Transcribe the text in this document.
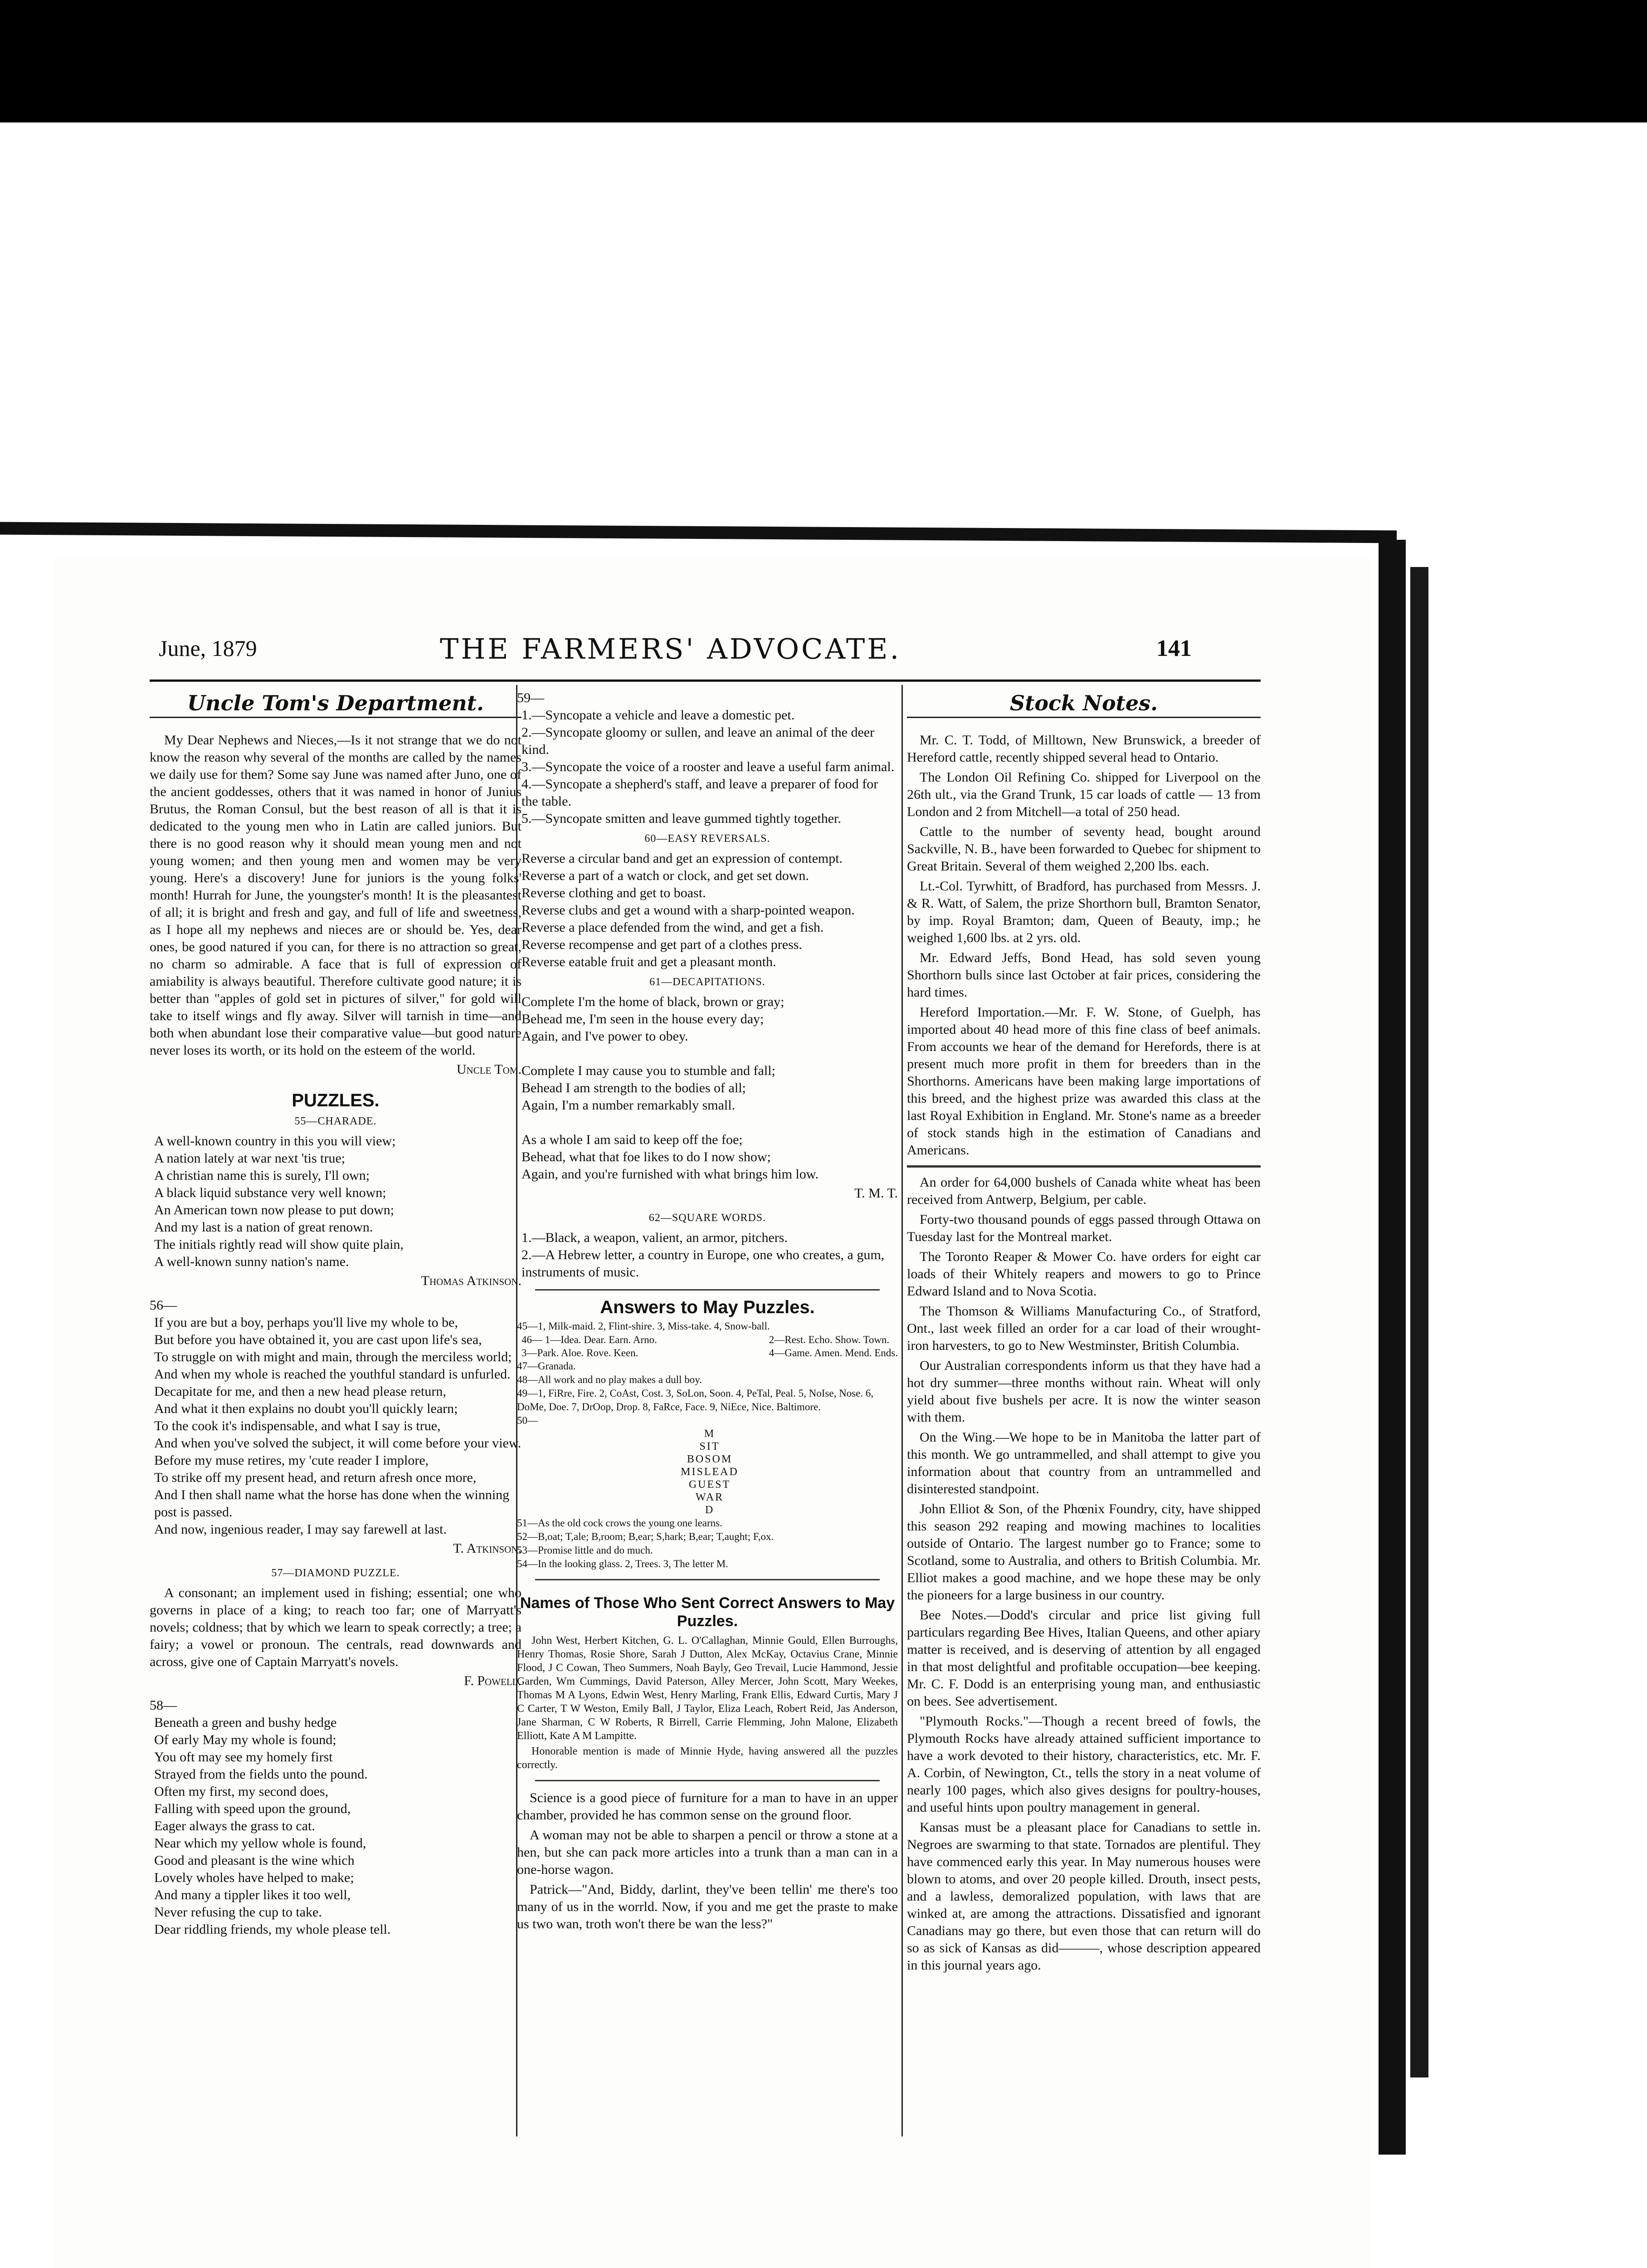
June, 1879	THE FARMERS' ADVOCATE.	141
Uncle Tom's Department.

My Dear Nephews and Nieces,—Is it not strange that we do not know the reason why several of the months are called by the names we daily use for them? Some say June was named after Juno, one of the ancient goddesses, others that it was named in honor of Junius Brutus, the Roman Consul, but the best reason of all is that it is dedicated to the young men who in Latin are called juniors. But there is no good reason why it should mean young men and not young women; and then young men and women may be very young. Here's a discovery! June for juniors is the young folks' month! Hurrah for June, the youngster's month! It is the pleasantest of all; it is bright and fresh and gay, and full of life and sweetness, as I hope all my nephews and nieces are or should be. Yes, dear ones, be good natured if you can, for there is no attraction so great, no charm so admirable. A face that is full of expression of amiability is always beautiful. Therefore cultivate good nature; it is better than "apples of gold set in pictures of silver," for gold will take to itself wings and fly away. Silver will tarnish in time—and both when abundant lose their comparative value—but good nature never loses its worth, or its hold on the esteem of the world.

Uncle Tom.
PUZZLES.
55—CHARADE.
A well-known country in this you will view;
A nation lately at war next 'tis true;
A christian name this is surely, I'll own;
A black liquid substance very well known;
An American town now please to put down;
And my last is a nation of great renown.
The initials rightly read will show quite plain,
A well-known sunny nation's name.
Thomas Atkinson.
56—
If you are but a boy, perhaps you'll live my whole to be,
But before you have obtained it, you are cast upon life's sea,
To struggle on with might and main, through the merciless world;
And when my whole is reached the youthful standard is unfurled.
Decapitate for me, and then a new head please return,
And what it then explains no doubt you'll quickly learn;
To the cook it's indispensable, and what I say is true,
And when you've solved the subject, it will come before your view.
Before my muse retires, my 'cute reader I implore,
To strike off my present head, and return afresh once more,
And I then shall name what the horse has done when the winning post is passed.
And now, ingenious reader, I may say farewell at last.
T. Atkinson.
57—DIAMOND PUZZLE.

A consonant; an implement used in fishing; essential; one who governs in place of a king; to reach too far; one of Marryatt's novels; coldness; that by which we learn to speak correctly; a tree; a fairy; a vowel or pronoun. The centrals, read downwards and across, give one of Captain Marryatt's novels.

F. Powell.
58—
Beneath a green and bushy hedge
Of early May my whole is found;
You oft may see my homely first
Strayed from the fields unto the pound.
Often my first, my second does,
Falling with speed upon the ground,
Eager always the grass to cat.
Near which my yellow whole is found,
Good and pleasant is the wine which
Lovely wholes have helped to make;
And many a tippler likes it too well,
Never refusing the cup to take.
Dear riddling friends, my whole please tell.
59—
1.—Syncopate a vehicle and leave a domestic pet.
2.—Syncopate gloomy or sullen, and leave an animal of the deer kind.
3.—Syncopate the voice of a rooster and leave a useful farm animal.
4.—Syncopate a shepherd's staff, and leave a preparer of food for the table.
5.—Syncopate smitten and leave gummed tightly together.
60—EASY REVERSALS.
Reverse a circular band and get an expression of contempt.
Reverse a part of a watch or clock, and get set down.
Reverse clothing and get to boast.
Reverse clubs and get a wound with a sharp-pointed weapon.
Reverse a place defended from the wind, and get a fish.
Reverse recompense and get part of a clothes press.
Reverse eatable fruit and get a pleasant month.
61—DECAPITATIONS.
Complete I'm the home of black, brown or gray;
Behead me, I'm seen in the house every day;
Again, and I've power to obey.

Complete I may cause you to stumble and fall;
Behead I am strength to the bodies of all;
Again, I'm a number remarkably small.

As a whole I am said to keep off the foe;
Behead, what that foe likes to do I now show;
Again, and you're furnished with what brings him low.
T. M. T.
62—SQUARE WORDS.
1.—Black, a weapon, valient, an armor, pitchers.
2.—A Hebrew letter, a country in Europe, one who creates, a gum, instruments of music.
Answers to May Puzzles.
45—1, Milk-maid. 2, Flint-shire. 3, Miss-take. 4, Snow-ball.
46— 1—Idea. Dear. Earn. Arno.
3—Park. Aloe. Rove. Keen.
2—Rest. Echo. Show. Town.
4—Game. Amen. Mend. Ends.
47—Granada.
48—All work and no play makes a dull boy.
49—1, FiRre, Fire. 2, CoAst, Cost. 3, SoLon, Soon. 4, PeTal, Peal. 5, NoIse, Nose. 6, DoMe, Doe. 7, DrOop, Drop. 8, FaRce, Face. 9, NiEce, Nice. Baltimore.
50—
M
SIT
BOSOM
MISLEAD
GUEST
WAR
D
51—As the old cock crows the young one learns.
52—B,oat; T,ale; B,room; B,ear; S,hark; B,ear; T,aught; F,ox.
53—Promise little and do much.
54—In the looking glass. 2, Trees. 3, The letter M.
Names of Those Who Sent Correct Answers to May Puzzles.

John West, Herbert Kitchen, G. L. O'Callaghan, Minnie Gould, Ellen Burroughs, Henry Thomas, Rosie Shore, Sarah J Dutton, Alex McKay, Octavius Crane, Minnie Flood, J C Cowan, Theo Summers, Noah Bayly, Geo Trevail, Lucie Hammond, Jessie Garden, Wm Cummings, David Paterson, Alley Mercer, John Scott, Mary Weekes, Thomas M A Lyons, Edwin West, Henry Marling, Frank Ellis, Edward Curtis, Mary J C Carter, T W Weston, Emily Ball, J Taylor, Eliza Leach, Robert Reid, Jas Anderson, Jane Sharman, C W Roberts, R Birrell, Carrie Flemming, John Malone, Elizabeth Elliott, Kate A M Lampitte.

Honorable mention is made of Minnie Hyde, having answered all the puzzles correctly.

Science is a good piece of furniture for a man to have in an upper chamber, provided he has common sense on the ground floor.

A woman may not be able to sharpen a pencil or throw a stone at a hen, but she can pack more articles into a trunk than a man can in a one-horse wagon.

Patrick—"And, Biddy, darlint, they've been tellin' me there's too many of us in the worrld. Now, if you and me get the praste to make us two wan, troth won't there be wan the less?"

Stock Notes.

Mr. C. T. Todd, of Milltown, New Brunswick, a breeder of Hereford cattle, recently shipped several head to Ontario.

The London Oil Refining Co. shipped for Liverpool on the 26th ult., via the Grand Trunk, 15 car loads of cattle — 13 from London and 2 from Mitchell—a total of 250 head.

Cattle to the number of seventy head, bought around Sackville, N. B., have been forwarded to Quebec for shipment to Great Britain. Several of them weighed 2,200 lbs. each.

Lt.-Col. Tyrwhitt, of Bradford, has purchased from Messrs. J. & R. Watt, of Salem, the prize Shorthorn bull, Bramton Senator, by imp. Royal Bramton; dam, Queen of Beauty, imp.; he weighed 1,600 lbs. at 2 yrs. old.

Mr. Edward Jeffs, Bond Head, has sold seven young Shorthorn bulls since last October at fair prices, considering the hard times.

Hereford Importation.—Mr. F. W. Stone, of Guelph, has imported about 40 head more of this fine class of beef animals. From accounts we hear of the demand for Herefords, there is at present much more profit in them for breeders than in the Shorthorns. Americans have been making large importations of this breed, and the highest prize was awarded this class at the last Royal Exhibition in England. Mr. Stone's name as a breeder of stock stands high in the estimation of Canadians and Americans.

An order for 64,000 bushels of Canada white wheat has been received from Antwerp, Belgium, per cable.

Forty-two thousand pounds of eggs passed through Ottawa on Tuesday last for the Montreal market.

The Toronto Reaper & Mower Co. have orders for eight car loads of their Whitely reapers and mowers to go to Prince Edward Island and to Nova Scotia.

The Thomson & Williams Manufacturing Co., of Stratford, Ont., last week filled an order for a car load of their wrought-iron harvesters, to go to New Westminster, British Columbia.

Our Australian correspondents inform us that they have had a hot dry summer—three months without rain. Wheat will only yield about five bushels per acre. It is now the winter season with them.

On the Wing.—We hope to be in Manitoba the latter part of this month. We go untrammelled, and shall attempt to give you information about that country from an untrammelled and disinterested standpoint.

John Elliot & Son, of the Phœnix Foundry, city, have shipped this season 292 reaping and mowing machines to localities outside of Ontario. The largest number go to France; some to Scotland, some to Australia, and others to British Columbia. Mr. Elliot makes a good machine, and we hope these may be only the pioneers for a large business in our country.

Bee Notes.—Dodd's circular and price list giving full particulars regarding Bee Hives, Italian Queens, and other apiary matter is received, and is deserving of attention by all engaged in that most delightful and profitable occupation—bee keeping. Mr. C. F. Dodd is an enterprising young man, and enthusiastic on bees. See advertisement.

"Plymouth Rocks."—Though a recent breed of fowls, the Plymouth Rocks have already attained sufficient importance to have a work devoted to their history, characteristics, etc. Mr. F. A. Corbin, of Newington, Ct., tells the story in a neat volume of nearly 100 pages, which also gives designs for poultry-houses, and useful hints upon poultry management in general.

Kansas must be a pleasant place for Canadians to settle in. Negroes are swarming to that state. Tornados are plentiful. They have commenced early this year. In May numerous houses were blown to atoms, and over 20 people killed. Drouth, insect pests, and a lawless, demoralized population, with laws that are winked at, are among the attractions. Dissatisfied and ignorant Canadians may go there, but even those that can return will do so as sick of Kansas as did———, whose description appeared in this journal years ago.
